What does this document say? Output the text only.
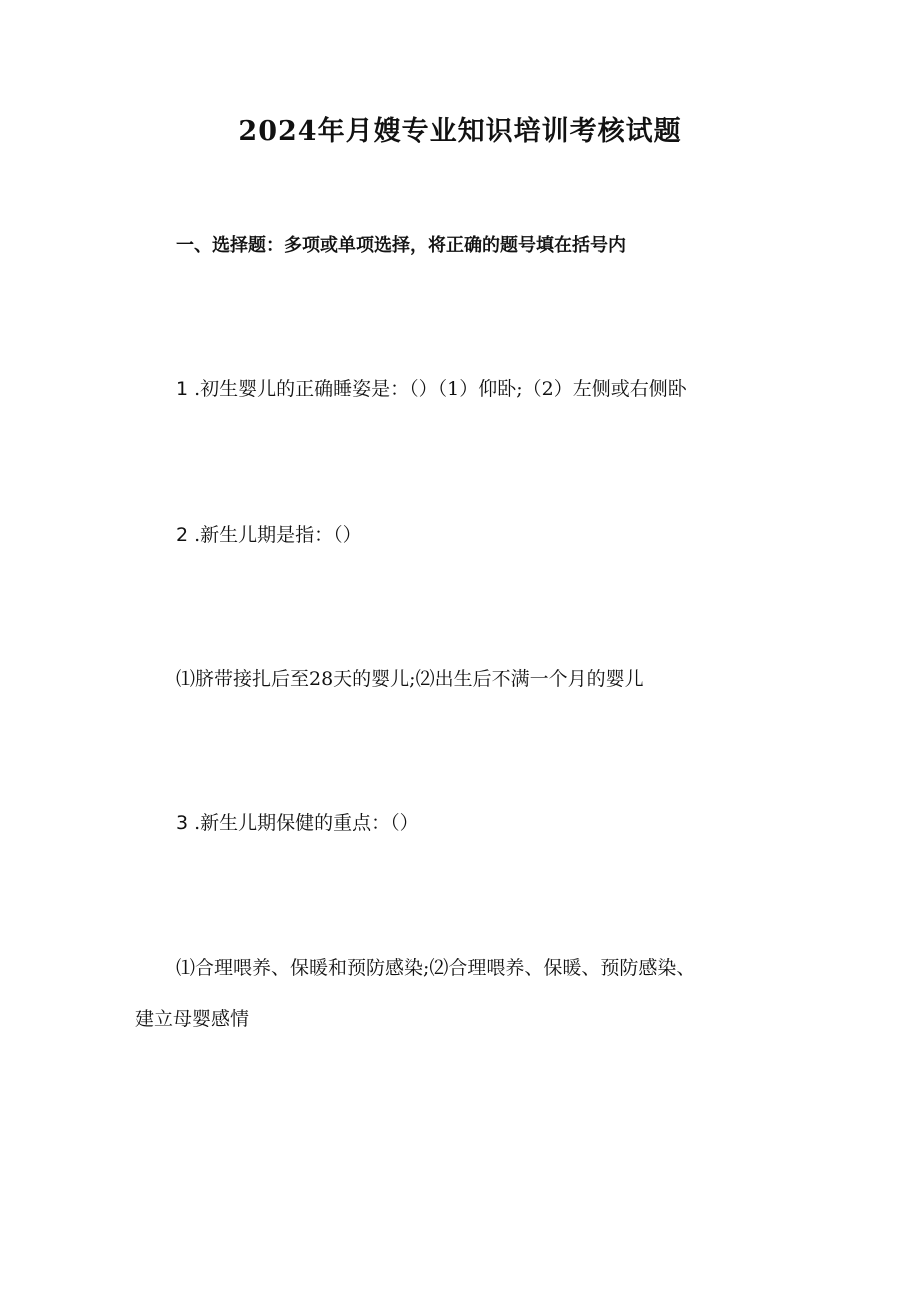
2024年月嫂专业知识培训考核试题
一、选择题：多项或单项选择，将正确的题号填在括号内
1 .初生婴儿的正确睡姿是：（）（1）仰卧;（2）左侧或右侧卧
2 .新生儿期是指：（）
⑴脐带接扎后至28天的婴儿;⑵出生后不满一个月的婴儿
3 .新生儿期保健的重点：（）
⑴合理喂养、保暖和预防感染;⑵合理喂养、保暖、预防感染、
建立母婴感情
